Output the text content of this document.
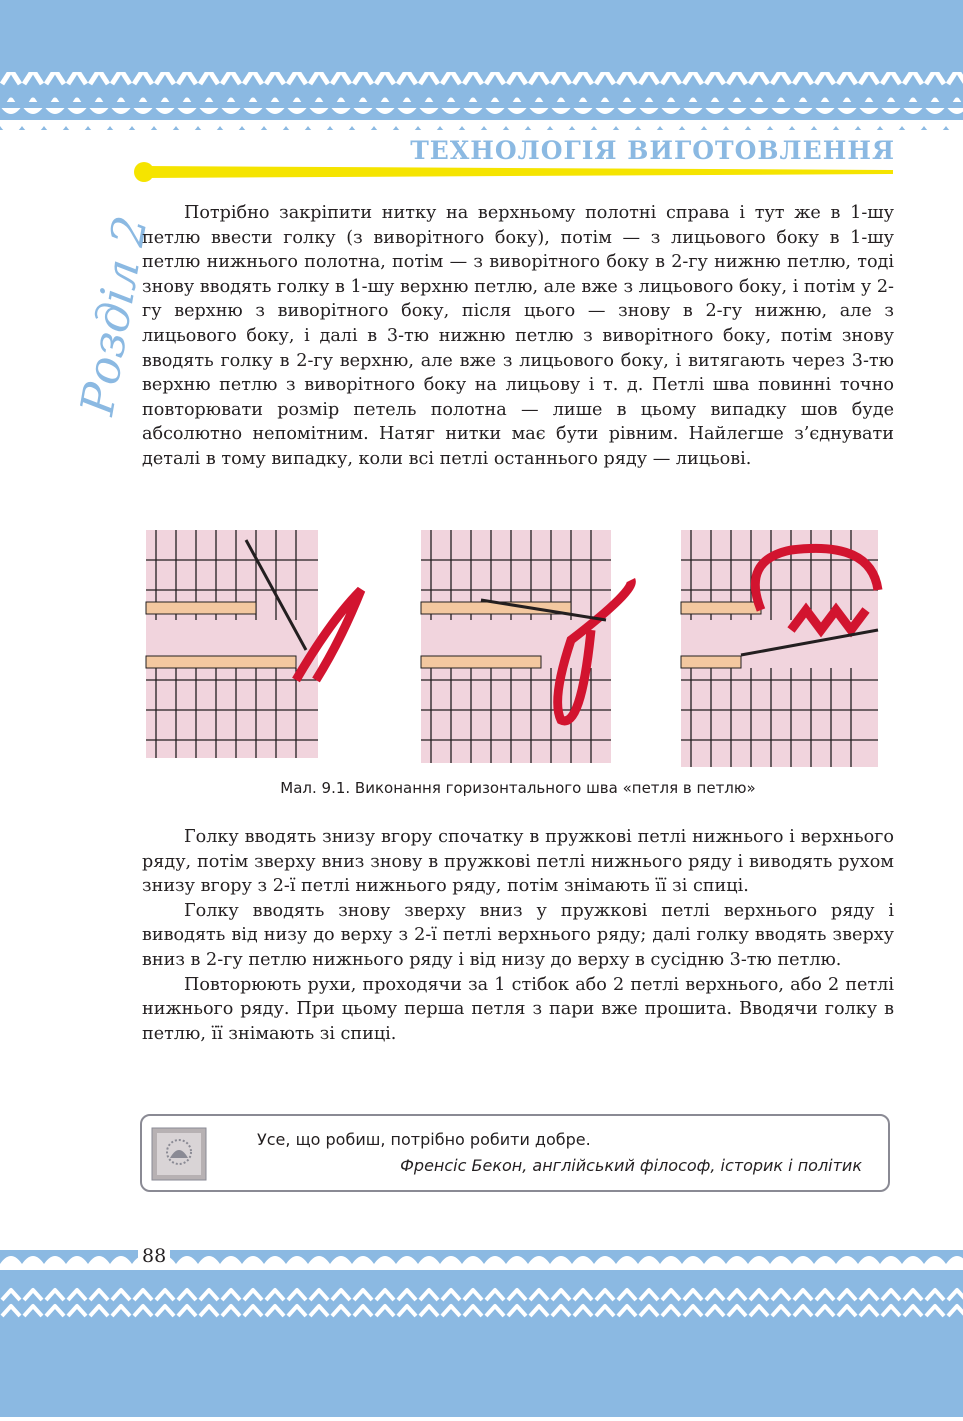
ТЕХНОЛОГІЯ ВИГОТОВЛЕННЯ
Розділ 2	Потрібно закріпити нитку на верхньому полотні справа і тут же в 1-шу петлю ввести голку (з виворітного боку), потім — з лицьового боку в 1-шу петлю нижнього полотна, потім — з виворітного боку в 2-гу нижню петлю, тоді знову вводять голку в 1-шу верхню петлю, але вже з лицьового боку, і потім у 2-гу верхню з виворітного боку, після цього — знову в 2-гу нижню, але з лицьового боку, і далі в 3-тю нижню петлю з виворітного боку, потім знову вводять голку в 2-гу верхню, але вже з лицьового боку, і витягають через 3-тю верхню петлю з виворітного боку на лицьову і т. д. Петлі шва повинні точно повторювати розмір петель полотна — лише в цьому випадку шов буде абсолютно непомітним. Натяг нитки має бути рівним. Найлегше з’єднувати деталі в тому випадку, коли всі петлі останнього ряду — лицьові.

Мал. 9.1. Виконання горизонтального шва «петля в петлю»

Голку вводять знизу вгору спочатку в пружкові петлі нижнього і верхнього ряду, потім зверху вниз знову в пружкові петлі нижнього ряду і виводять рухом знизу вгору з 2-ї петлі нижнього ряду, потім знімають її зі спиці.

Голку вводять знову зверху вниз у пружкові петлі верхнього ряду і виводять від низу до верху з 2-ї петлі верхнього ряду; далі голку вводять зверху вниз в 2-гу петлю нижнього ряду і від низу до верху в сусідню 3-тю петлю.

Повторюють рухи, проходячи за 1 стібок або 2 петлі верхнього, або 2 петлі нижнього ряду. При цьому перша петля з пари вже прошита. Вводячи голку в петлю, її знімають зі спиці.

Усе, що робиш, потрібно робити добре.
Френсіс Бекон, англійський філософ, історик і політик
88
